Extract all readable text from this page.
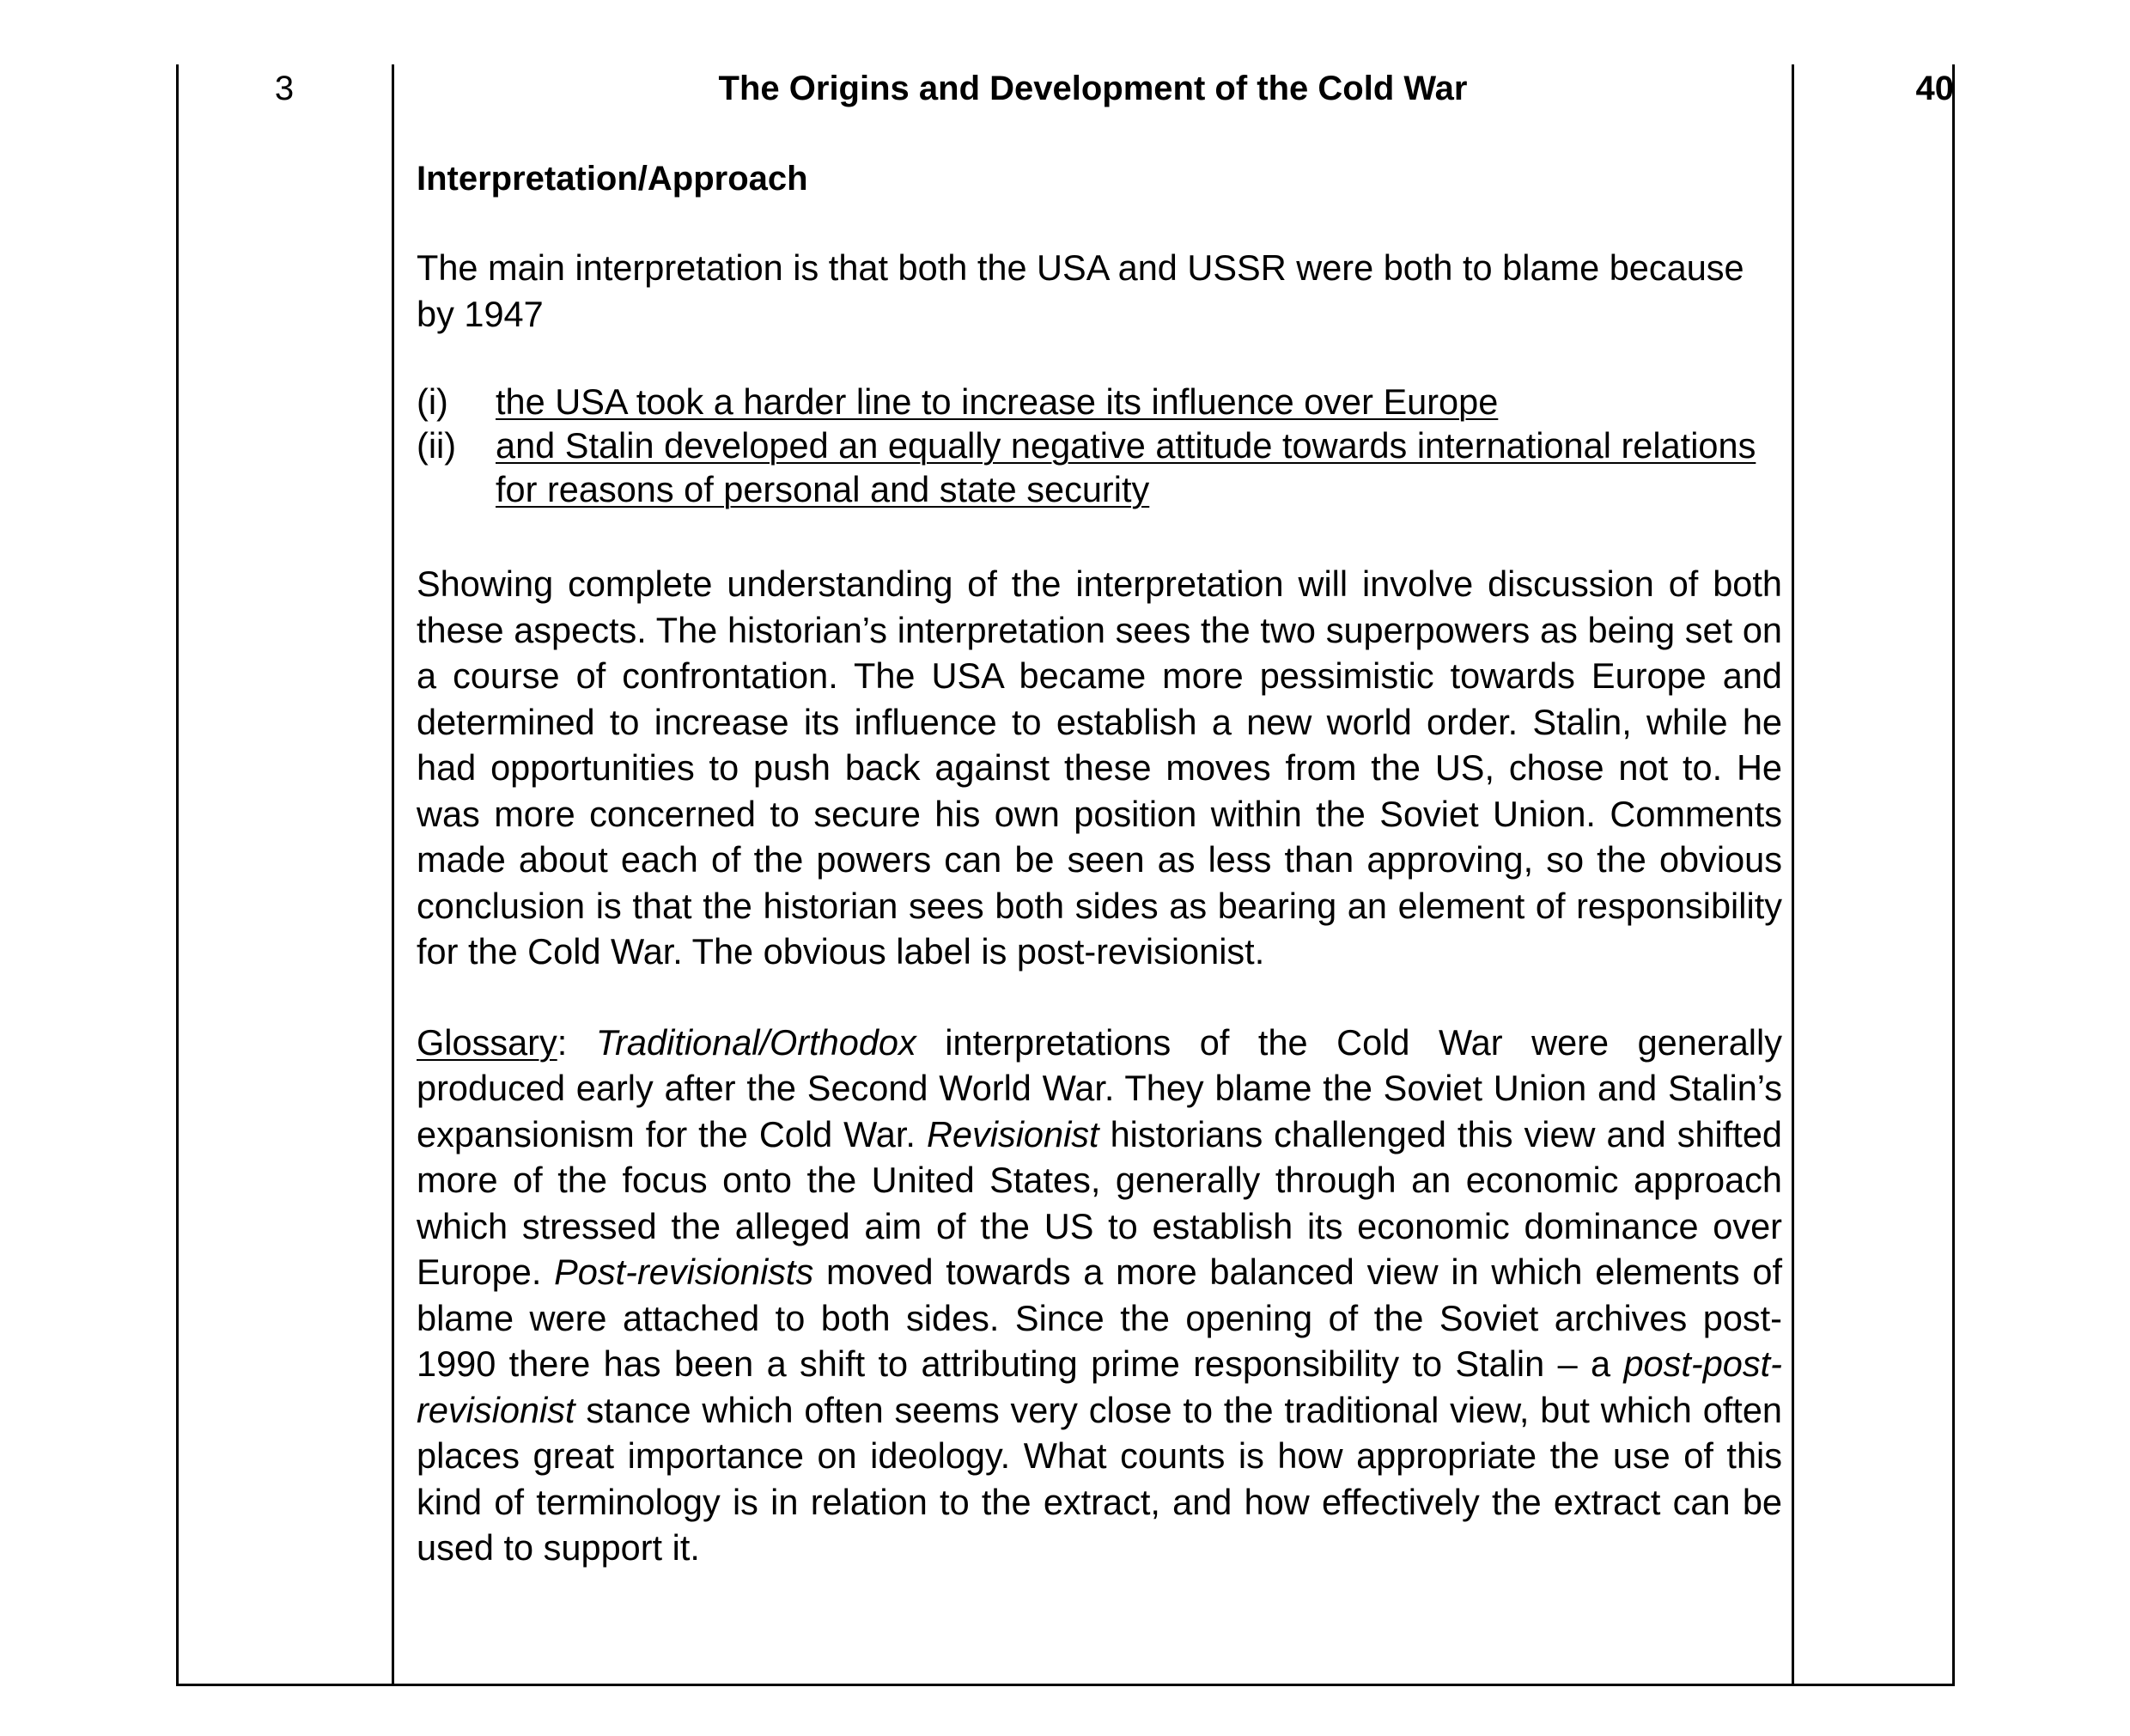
3	40
The Origins and Development of the Cold War
Interpretation/Approach

The main interpretation is that both the USA and USSR were both to blame because by 1947

(i)	the USA took a harder line to increase its influence over Europe
(ii)	and Stalin developed an equally negative attitude towards international relations for reasons of personal and state security

Showing complete understanding of the interpretation will involve discussion of both these aspects. The historian’s interpretation sees the two superpowers as being set on a course of confrontation. The USA became more pessimistic towards Europe and determined to increase its influence to establish a new world order. Stalin, while he had opportunities to push back against these moves from the US, chose not to. He was more concerned to secure his own position within the Soviet Union. Comments made about each of the powers can be seen as less than approving, so the obvious conclusion is that the historian sees both sides as bearing an element of responsibility for the Cold War. The obvious label is post-revisionist.

Glossary: Traditional/Orthodox interpretations of the Cold War were generally produced early after the Second World War. They blame the Soviet Union and Stalin’s expansionism for the Cold War. Revisionist historians challenged this view and shifted more of the focus onto the United States, generally through an economic approach which stressed the alleged aim of the US to establish its economic dominance over Europe. Post-revisionists moved towards a more balanced view in which elements of blame were attached to both sides. Since the opening of the Soviet archives post-1990 there has been a shift to attributing prime responsibility to Stalin – a post-post-revisionist stance which often seems very close to the traditional view, but which often places great importance on ideology. What counts is how appropriate the use of this kind of terminology is in relation to the extract, and how effectively the extract can be used to support it.
